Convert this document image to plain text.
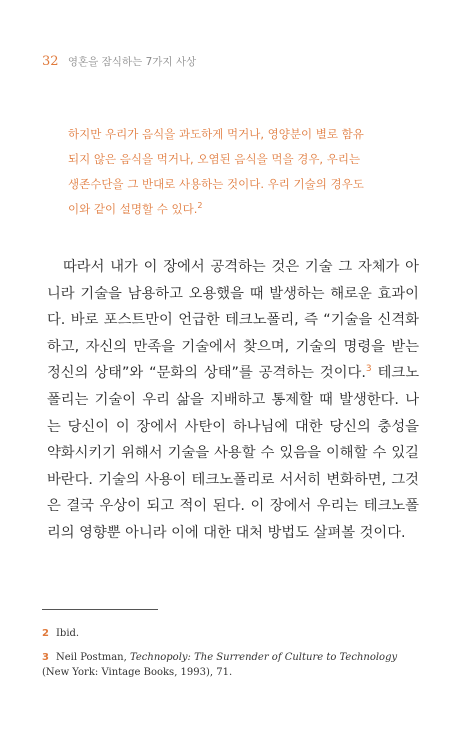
32 영혼을 잠식하는 7가지 사상
하지만 우리가 음식을 과도하게 먹거나, 영양분이 별로 함유
되지 않은 음식을 먹거나, 오염된 음식을 먹을 경우, 우리는
생존수단을 그 반대로 사용하는 것이다. 우리 기술의 경우도
이와 같이 설명할 수 있다.$^2$

따라서 내가 이 장에서 공격하는 것은 기술 그 자체가 아니라 기술을 남용하고 오용했을 때 발생하는 해로운 효과이다. 바로 포스트만이 언급한 테크노폴리, 즉 “기술을 신격화하고, 자신의 만족을 기술에서 찾으며, 기술의 명령을 받는 정신의 상태”와 “문화의 상태”를 공격하는 것이다.$^3$ 테크노폴리는 기술이 우리 삶을 지배하고 통제할 때 발생한다. 나는 당신이 이 장에서 사탄이 하나님에 대한 당신의 충성을 약화시키기 위해서 기술을 사용할 수 있음을 이해할 수 있길 바란다. 기술의 사용이 테크노폴리로 서서히 변화하면, 그것은 결국 우상이 되고 적이 된다. 이 장에서 우리는 테크노폴리의 영향뿐 아니라 이에 대한 대처 방법도 살펴볼 것이다.

2 Ibid.
3 Neil Postman, Technopoly: The Surrender of Culture to Technology (New York: Vintage Books, 1993), 71.
